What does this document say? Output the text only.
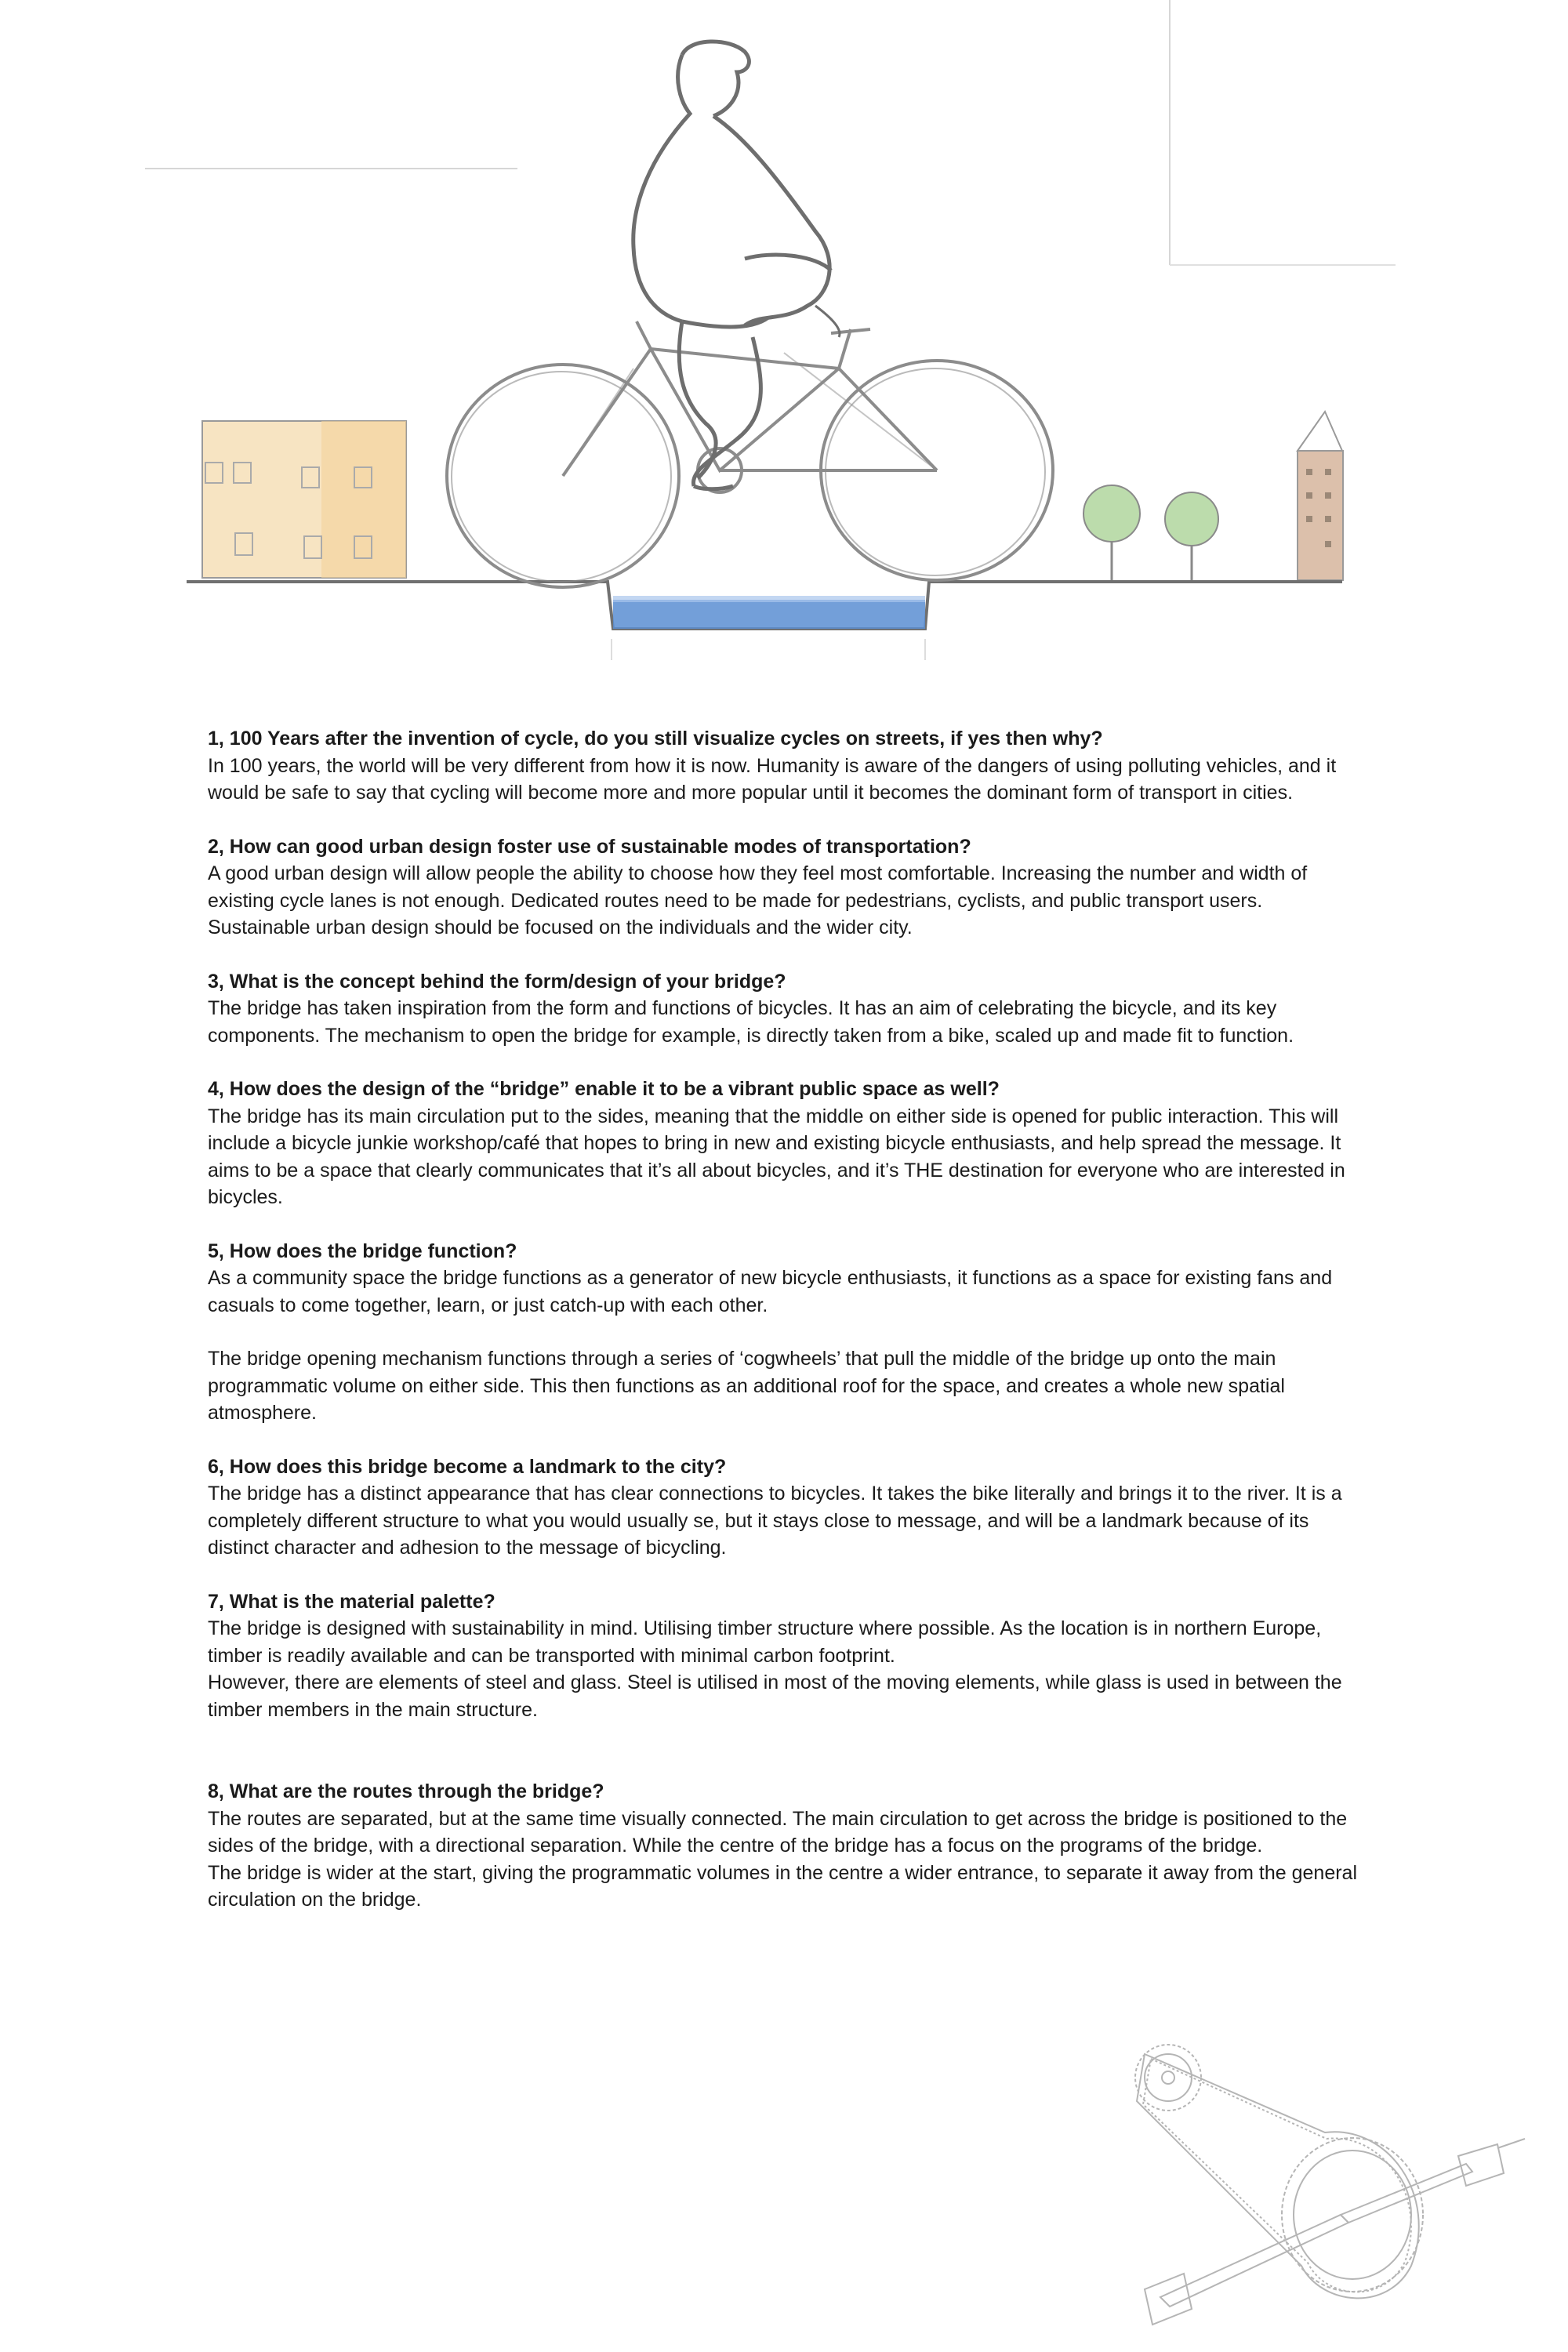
1, 100 Years after the invention of cycle, do you still visualize cycles on streets, if yes then why?

In 100 years, the world will be very different from how it is now. Humanity is aware of the dangers of using polluting vehicles, and it would be safe to say that cycling will become more and more popular until it becomes the dominant form of transport in cities.

2, How can good urban design foster use of sustainable modes of transportation?

A good urban design will allow people the ability to choose how they feel most comfortable. Increasing the number and width of existing cycle lanes is not enough. Dedicated routes need to be made for pedestrians, cyclists, and public transport users. Sustainable urban design should be focused on the individuals and the wider city.

3, What is the concept behind the form/design of your bridge?

The bridge has taken inspiration from the form and functions of bicycles. It has an aim of celebrating the bicycle, and its key components. The mechanism to open the bridge for example, is directly taken from a bike, scaled up and made fit to function.

4, How does the design of the “bridge” enable it to be a vibrant public space as well?

The bridge has its main circulation put to the sides, meaning that the middle on either side is opened for public interaction. This will include a bicycle junkie workshop/café that hopes to bring in new and existing bicycle enthusiasts, and help spread the message. It aims to be a space that clearly communicates that it’s all about bicycles, and it’s THE destination for everyone who are interested in bicycles.

5, How does the bridge function?

As a community space the bridge functions as a generator of new bicycle enthusiasts, it functions as a space for existing fans and casuals to come together, learn, or just catch-up with each other.

The bridge opening mechanism functions through a series of ‘cogwheels’ that pull the middle of the bridge up onto the main programmatic volume on either side. This then functions as an additional roof for the space, and creates a whole new spatial atmosphere.

6, How does this bridge become a landmark to the city?

The bridge has a distinct appearance that has clear connections to bicycles. It takes the bike literally and brings it to the river. It is a completely different structure to what you would usually se, but it stays close to message, and will be a landmark because of its distinct character and adhesion to the message of bicycling.

7, What is the material palette?

The bridge is designed with sustainability in mind. Utilising timber structure where possible. As the location is in northern Europe, timber is readily available and can be transported with minimal carbon footprint.

However, there are elements of steel and glass. Steel is utilised in most of the moving elements, while glass is used in between the timber members in the main structure.

8, What are the routes through the bridge?

The routes are separated, but at the same time visually connected. The main circulation to get across the bridge is positioned to the sides of the bridge, with a directional separation. While the centre of the bridge has a focus on the programs of the bridge.

The bridge is wider at the start, giving the programmatic volumes in the centre a wider entrance, to separate it away from the general circulation on the bridge.
